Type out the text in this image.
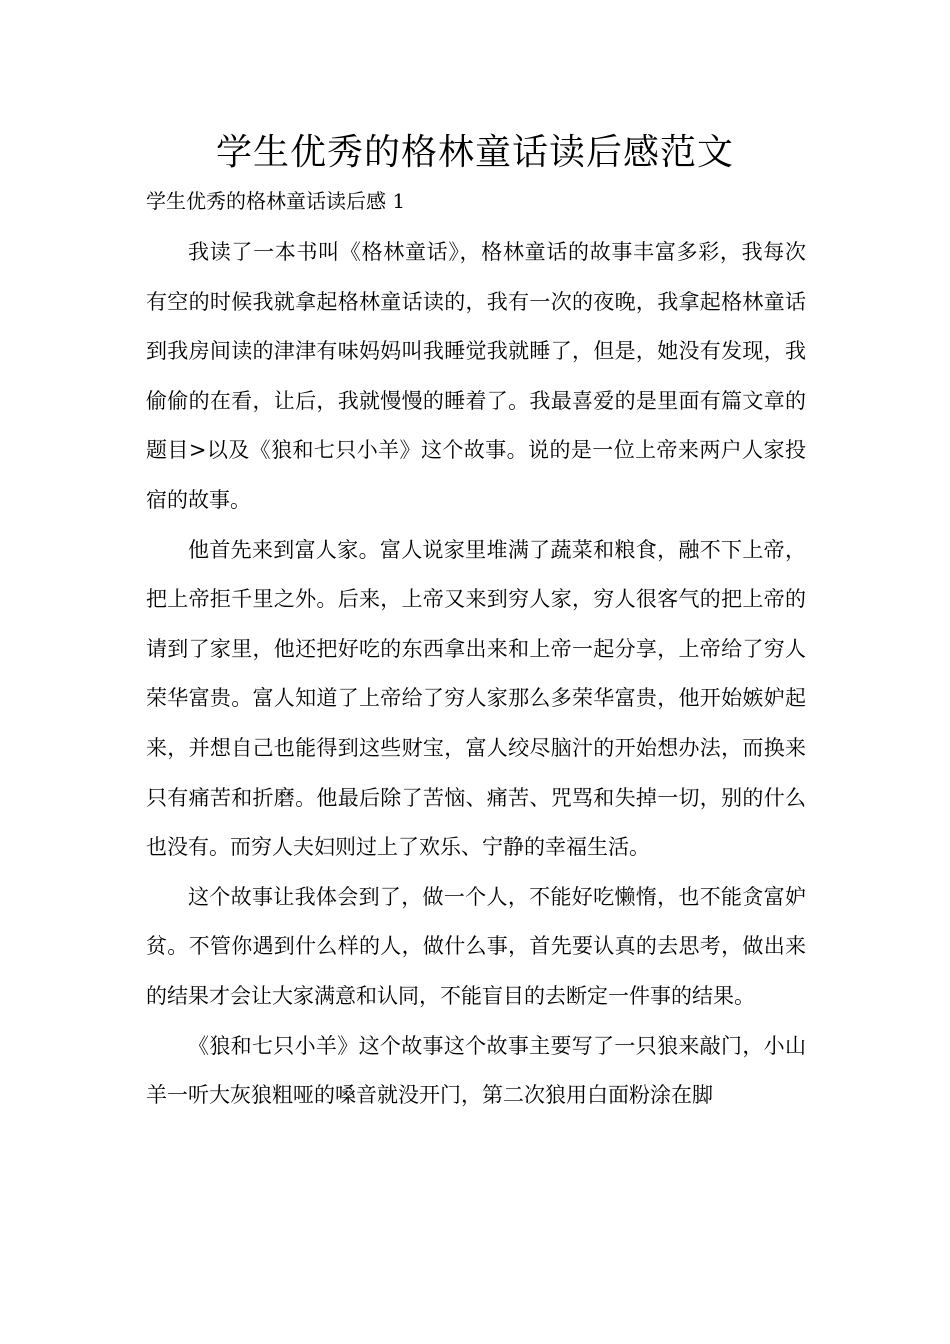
学生优秀的格林童话读后感范文
学生优秀的格林童话读后感 1

我读了一本书叫《格林童话》，格林童话的故事丰富多彩，我每次有空的时候我就拿起格林童话读的，我有一次的夜晚，我拿起格林童话到我房间读的津津有味妈妈叫我睡觉我就睡了，但是，她没有发现，我偷偷的在看，让后，我就慢慢的睡着了。我最喜爱的是里面有篇文章的题目>以及《狼和七只小羊》这个故事。说的是一位上帝来两户人家投宿的故事。

他首先来到富人家。富人说家里堆满了蔬菜和粮食，融不下上帝，把上帝拒千里之外。后来，上帝又来到穷人家，穷人很客气的把上帝的请到了家里，他还把好吃的东西拿出来和上帝一起分享，上帝给了穷人荣华富贵。富人知道了上帝给了穷人家那么多荣华富贵，他开始嫉妒起来，并想自己也能得到这些财宝，富人绞尽脑汁的开始想办法，而换来只有痛苦和折磨。他最后除了苦恼、痛苦、咒骂和失掉一切，别的什么也没有。而穷人夫妇则过上了欢乐、宁静的幸福生活。

这个故事让我体会到了，做一个人，不能好吃懒惰，也不能贪富妒贫。不管你遇到什么样的人，做什么事，首先要认真的去思考，做出来的结果才会让大家满意和认同，不能盲目的去断定一件事的结果。

《狼和七只小羊》这个故事这个故事主要写了一只狼来敲门，小山羊一听大灰狼粗哑的嗓音就没开门，第二次狼用白面粉涂在脚
